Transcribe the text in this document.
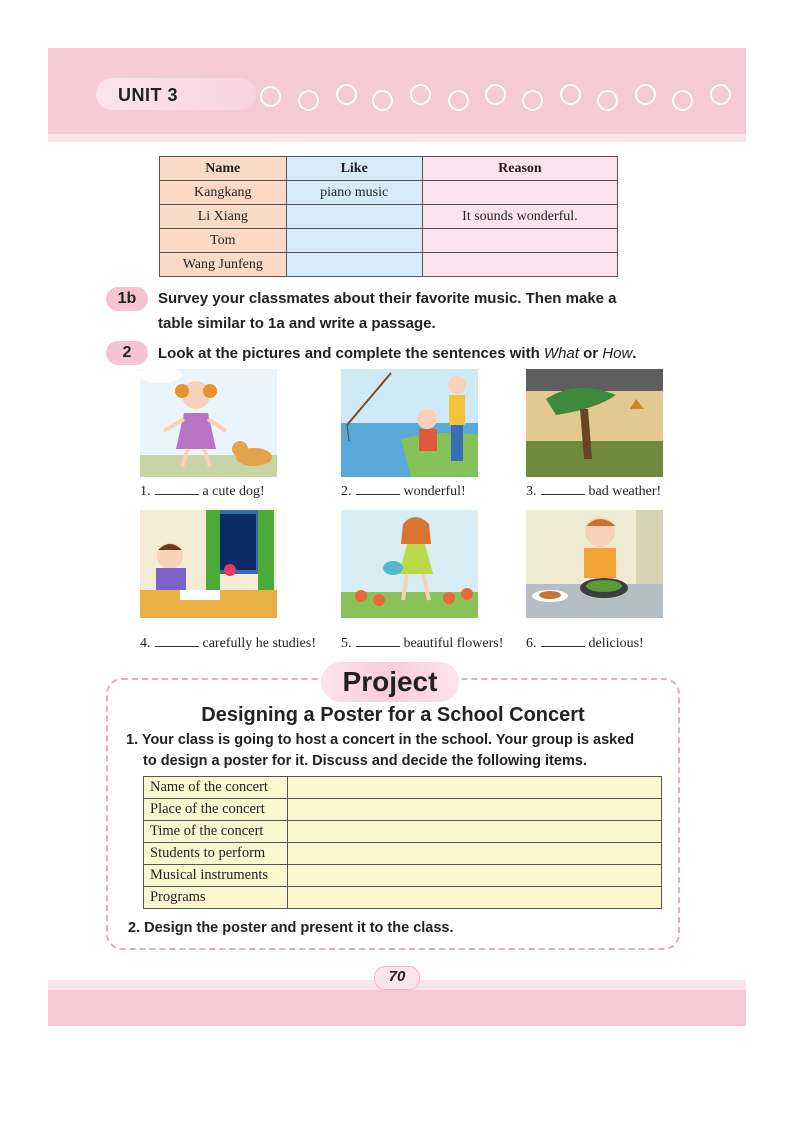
UNIT 3
Name	Like	Reason
Kangkang	piano music	
Li Xiang		It sounds wonderful.
Tom		
Wang Junfeng		
1b	Survey your classmates about their favorite music. Then make a
table similar to 1a and write a passage.
2	Look at the pictures and complete the sentences with What or How.
1.	a cute dog!	2.	wonderful!	3.	bad weather!
4.	carefully he studies! 5.	beautiful flowers! 6.	delicious!
Project
Designing a Poster for a School Concert
1. Your class is going to host a concert in the school. Your group is asked
to design a poster for it. Discuss and decide the following items.
Name of the concert	
Place of the concert	
Time of the concert	
Students to perform	
Musical instruments	
Programs	
2. Design the poster and present it to the class.
70
